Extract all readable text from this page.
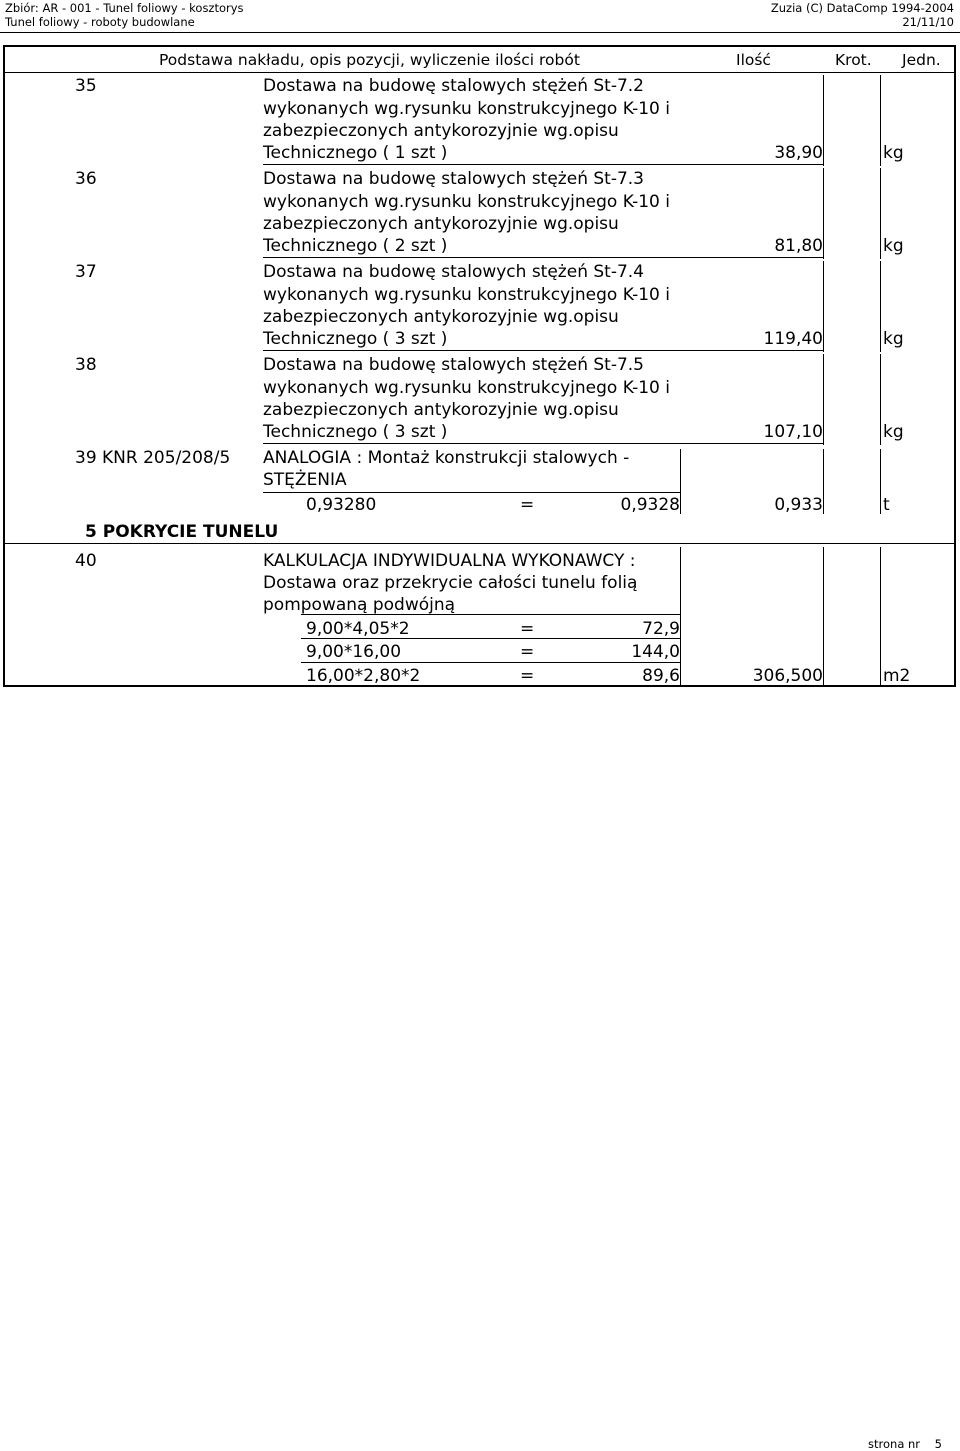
Zbiór: AR - 001 - Tunel foliowy - kosztorys
Tunel foliowy - roboty budowlane
Zuzia (C) DataComp 1994-2004
21/11/10
Podstawa nakładu, opis pozycji, wyliczenie ilości robót	Ilość	Krot. Jedn.
35	Dostawa na budowę stalowych stężeń St-7.2
wykonanych wg.rysunku konstrukcyjnego K-10 i
zabezpieczonych antykorozyjnie wg.opisu
Technicznego ( 1 szt )	38,90	kg
36	Dostawa na budowę stalowych stężeń St-7.3
wykonanych wg.rysunku konstrukcyjnego K-10 i
zabezpieczonych antykorozyjnie wg.opisu
Technicznego ( 2 szt )	81,80	kg
37	Dostawa na budowę stalowych stężeń St-7.4
wykonanych wg.rysunku konstrukcyjnego K-10 i
zabezpieczonych antykorozyjnie wg.opisu
Technicznego ( 3 szt )	119,40	kg
38	Dostawa na budowę stalowych stężeń St-7.5
wykonanych wg.rysunku konstrukcyjnego K-10 i
zabezpieczonych antykorozyjnie wg.opisu
Technicznego ( 3 szt )	107,10	kg
39 KNR 205/208/5 ANALOGIA : Montaż konstrukcji stalowych -
STĘŻENIA
0,93280	=	0,9328	0,933	t
5 POKRYCIE TUNELU
40	KALKULACJA INDYWIDUALNA WYKONAWCY :
Dostawa oraz przekrycie całości tunelu folią
pompowaną podwójną
9,00*4,05*2	=	72,9
9,00*16,00	=	144,0
16,00*2,80*2	=	89,6	306,500	m2
strona nr 5
